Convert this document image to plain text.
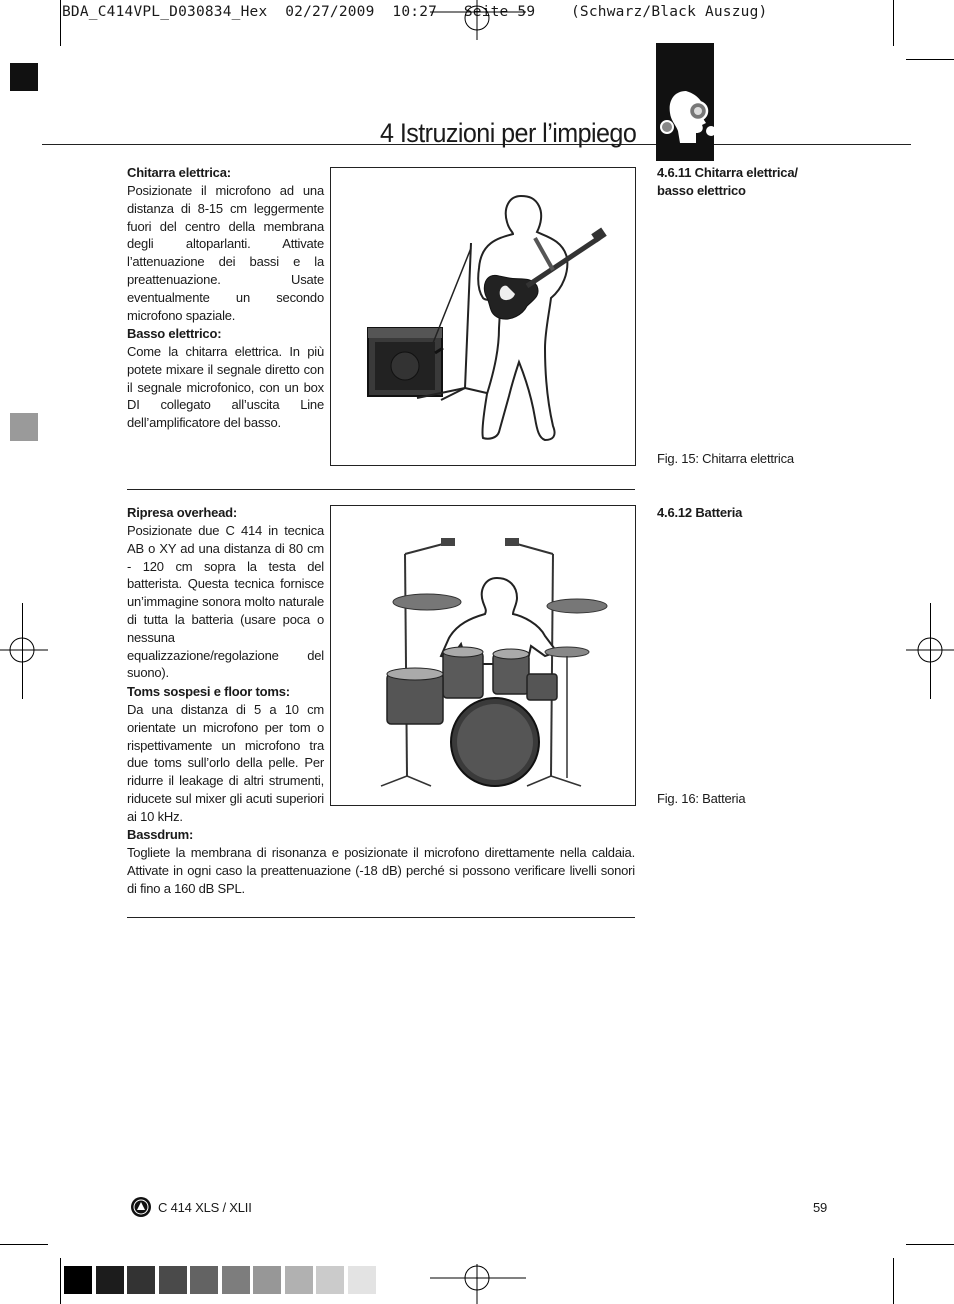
BDA_C414VPL_D030834_Hex  02/27/2009  10:27   Seite 59    (Schwarz/Black Auszug)
4 Istruzioni per l’impiego
Chitarra elettrica:
Posizionate il microfono ad una distanza di 8-15 cm leggermente fuori del centro della membrana degli altoparlanti. Attivate l’attenuazione dei bassi e la preattenuazione. Usate eventualmente un secondo microfono spaziale.
Basso elettrico:
Come la chitarra elettrica. In più potete mixare il segnale diretto con il segnale microfonico, con un box DI collegato all’uscita Line dell’amplificatore del basso.
4.6.11 Chitarra elettrica/
basso elettrico
Fig. 15: Chitarra elettrica
Ripresa overhead:
Posizionate due C 414 in tecnica AB o XY ad una distanza di 80 cm - 120 cm sopra la testa del batterista. Questa tecnica fornisce un’immagine sonora molto naturale di tutta la batteria (usare poca o nessuna equalizzazione/regolazione del suono).
Toms sospesi e floor toms:
Da una distanza di 5 a 10 cm orientate un microfono per tom o rispettivamente un microfono tra due toms sull’orlo della pelle. Per ridurre il leakage di altri strumenti, riducete sul mixer gli acuti superiori ai 10 kHz.
4.6.12 Batteria
Fig. 16: Batteria
Bassdrum:
Togliete la membrana di risonanza e posizionate il microfono direttamente nella caldaia. Attivate in ogni caso la preattenuazione (-18 dB) perché si possono verificare livelli sonori di fino a 160 dB SPL.
C 414 XLS / XLII	59
